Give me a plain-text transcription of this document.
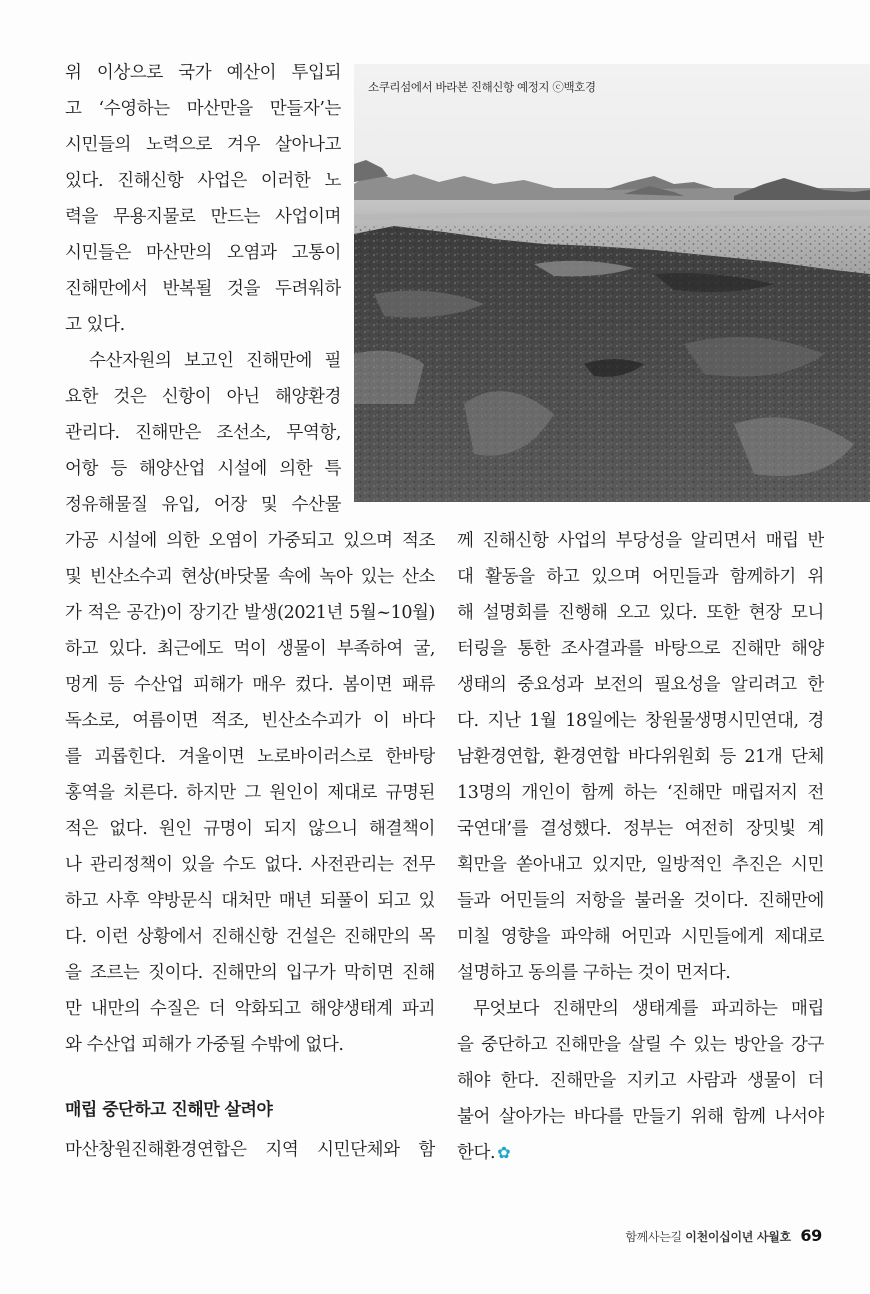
위 이상으로 국가 예산이 투입되
고 ‘수영하는 마산만을 만들자’는
시민들의 노력으로 겨우 살아나고
있다. 진해신항 사업은 이러한 노
력을 무용지물로 만드는 사업이며
시민들은 마산만의 오염과 고통이
진해만에서 반복될 것을 두려워하
고 있다.
수산자원의 보고인 진해만에 필
요한 것은 신항이 아닌 해양환경
관리다. 진해만은 조선소, 무역항,
어항 등 해양산업 시설에 의한 특
정유해물질 유입, 어장 및 수산물
소쿠리섬에서 바라본 진해신항 예정지 ⓒ백호경
가공 시설에 의한 오염이 가중되고 있으며 적조
및 빈산소수괴 현상(바닷물 속에 녹아 있는 산소
가 적은 공간)이 장기간 발생(2021년 5월~10월)
하고 있다. 최근에도 먹이 생물이 부족하여 굴,
멍게 등 수산업 피해가 매우 컸다. 봄이면 패류
독소로, 여름이면 적조, 빈산소수괴가 이 바다
를 괴롭힌다. 겨울이면 노로바이러스로 한바탕
홍역을 치른다. 하지만 그 원인이 제대로 규명된
적은 없다. 원인 규명이 되지 않으니 해결책이
나 관리정책이 있을 수도 없다. 사전관리는 전무
하고 사후 약방문식 대처만 매년 되풀이 되고 있
다. 이런 상황에서 진해신항 건설은 진해만의 목
을 조르는 짓이다. 진해만의 입구가 막히면 진해
만 내만의 수질은 더 악화되고 해양생태계 파괴
와 수산업 피해가 가중될 수밖에 없다.
매립 중단하고 진해만 살려야
마산창원진해환경연합은 지역 시민단체와 함
께 진해신항 사업의 부당성을 알리면서 매립 반
대 활동을 하고 있으며 어민들과 함께하기 위
해 설명회를 진행해 오고 있다. 또한 현장 모니
터링을 통한 조사결과를 바탕으로 진해만 해양
생태의 중요성과 보전의 필요성을 알리려고 한
다. 지난 1월 18일에는 창원물생명시민연대, 경
남환경연합, 환경연합 바다위원회 등 21개 단체
13명의 개인이 함께 하는 ‘진해만 매립저지 전
국연대’를 결성했다. 정부는 여전히 장밋빛 계
획만을 쏟아내고 있지만, 일방적인 추진은 시민
들과 어민들의 저항을 불러올 것이다. 진해만에
미칠 영향을 파악해 어민과 시민들에게 제대로
설명하고 동의를 구하는 것이 먼저다.
무엇보다 진해만의 생태계를 파괴하는 매립
을 중단하고 진해만을 살릴 수 있는 방안을 강구
해야 한다. 진해만을 지키고 사람과 생물이 더
불어 살아가는 바다를 만들기 위해 함께 나서야
한다. ✿
함께사는길 이천이십이년 사월호 69
